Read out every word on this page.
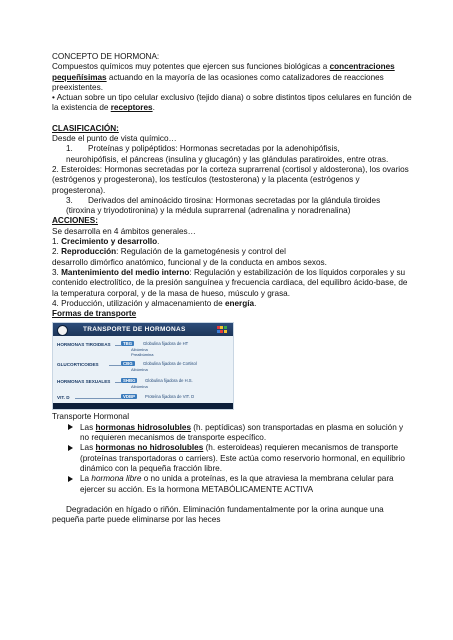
CONCEPTO DE HORMONA:

Compuestos químicos muy potentes que ejercen sus funciones biológicas a concentraciones pequeñísimas actuando en la mayoría de las ocasiones como catalizadores de reacciones preexistentes.

• Actuan sobre un tipo celular exclusivo (tejido diana) o sobre distintos tipos celulares en función de la existencia de receptores.

CLASIFICACIÓN:

Desde el punto de vista químico…

1. Proteínas y polipéptidos: Hormonas secretadas por la adenohipófisis,

neurohipófisis, el páncreas (insulina y glucagón) y las glándulas paratiroides, entre otras.

2. Esteroides: Hormonas secretadas por la corteza suprarrenal (cortisol y aldosterona), los ovarios (estrógenos y progesterona), los testículos (testosterona) y la placenta (estrógenos y progesterona).

3. Derivados del aminoácido tirosina: Hormonas secretadas por la glándula tiroides

(tiroxina y triyodotironina) y la médula suprarrenal (adrenalina y noradrenalina)

ACCIONES:

Se desarrolla en 4 ámbitos generales…

1. Crecimiento y desarrollo.

2. Reproducción: Regulación de la gametogénesis y control del

desarrollo dimórfico anatómico, funcional y de la conducta en ambos sexos.

3. Mantenimiento del medio interno: Regulación y estabilización de los líquidos corporales y su contenido electrolítico, de la presión sanguínea y frecuencia cardiaca, del equilibro ácido-base, de la temperatura corporal, y de la masa de hueso, músculo y grasa.

4. Producción, utilización y almacenamiento de energía.

Formas de transporte

TRANSPORTE DE HORMONAS
HORMONAS TIROIDEAS	TBG	Globulina fijadora de HT
Albúmina
Prealbúmina
GLUCORTICOIDES	CBG	Globulina fijadora de Cortisol
Albúmina
HORMONAS SEXUALES	SHBG	Globulina fijadora de H.S.
Albúmina
VIT. D	VDBP	Proteína fijadora de VIT. D

Transporte Hormonal

Las hormonas hidrosolubles (h. peptídicas) son transportadas en plasma en solución y no requieren mecanismos de transporte específico.
Las hormonas no hidrosolubles (h. esteroideas) requieren mecanismos de transporte (proteínas transportadoras o carriers). Este actúa como reservorio hormonal, en equilibrio dinámico con la pequeña fracción libre.
La hormona libre o no unida a proteínas, es la que atraviesa la membrana celular para ejercer su acción. Es la hormona METABÓLICAMENTE ACTIVA

Degradación en hígado o riñón. Eliminación fundamentalmente por la orina aunque una pequeña parte puede eliminarse por las heces
